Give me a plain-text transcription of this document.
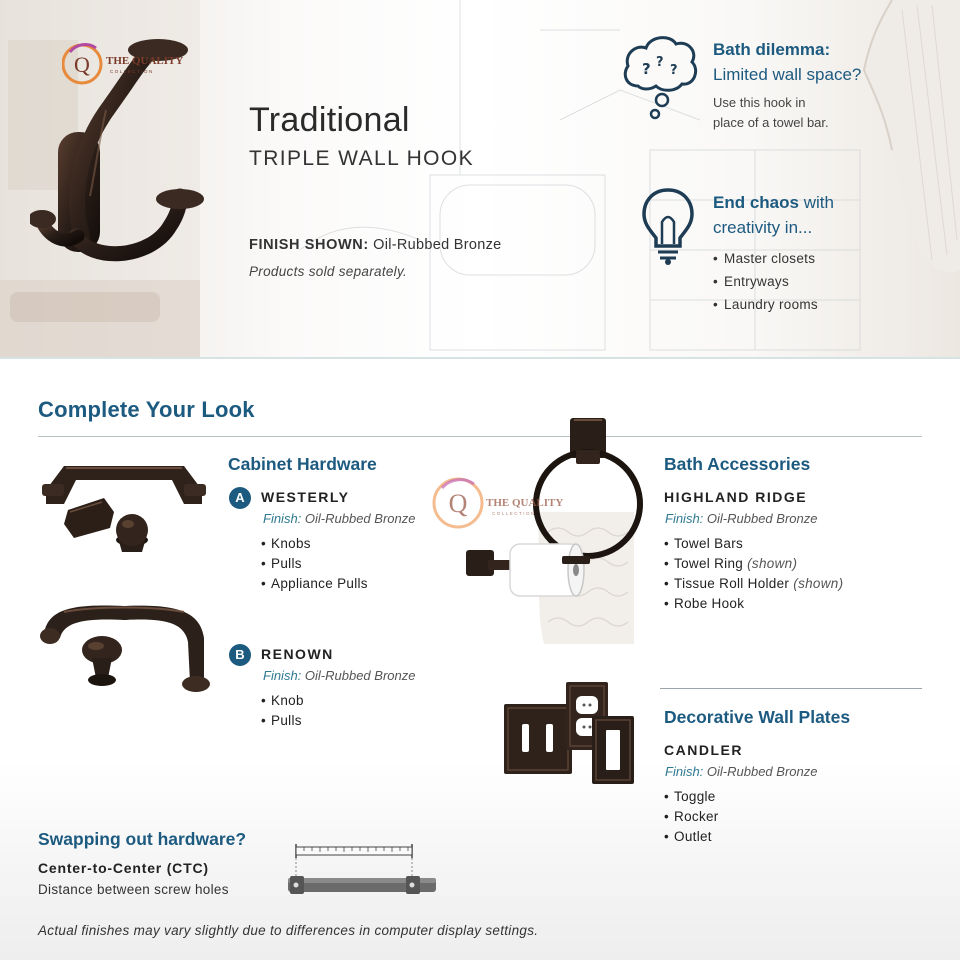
Q THE QUALITY
COLLECTION
Traditional
TRIPLE WALL HOOK
FINISH SHOWN: Oil-Rubbed Bronze
Products sold separately.
? ?
?
Bath dilemma:
Limited wall space?
Use this hook in
place of a towel bar.
End chaos with
creativity in...
• Master closets
• Entryways
• Laundry rooms
Complete Your Look
Cabinet Hardware
A	WESTERLY
Finish: Oil-Rubbed Bronze
• Knobs
• Pulls
• Appliance Pulls
B	RENOWN
Finish: Oil-Rubbed Bronze
• Knob
• Pulls
Q THE QUALITY
COLLECTION
Bath Accessories
HIGHLAND RIDGE
Finish: Oil-Rubbed Bronze
• Towel Bars
• Towel Ring (shown)
• Tissue Roll Holder (shown)
• Robe Hook
Decorative Wall Plates
CANDLER
Finish: Oil-Rubbed Bronze
• Toggle
• Rocker
• Outlet
Swapping out hardware?
Center-to-Center (CTC)
Distance between screw holes
Actual finishes may vary slightly due to differences in computer display settings.
